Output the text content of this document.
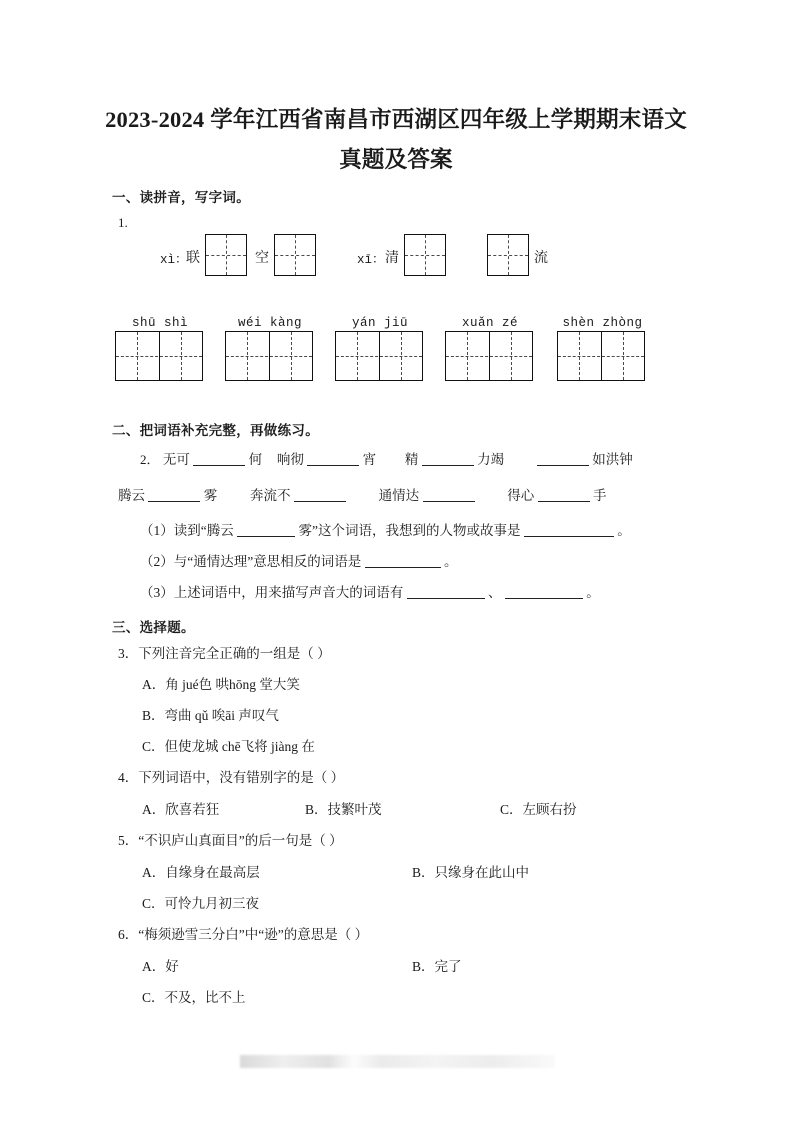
2023-2024 学年江西省南昌市西湖区四年级上学期期末语文
真题及答案
一、读拼音，写字词。
1.
xì：
联	空	xī： 清	流
shū shì	wéi kàng	yán jiū	xuǎn zé	shèn zhòng
二、把词语补充完整，再做练习。
2． 无可	何 响彻	宵 精	力竭	如洪钟
腾云	雾 奔流不	通情达	得心	手
（1）读到“腾云	雾”这个词语，我想到的人物或故事是	。
（2）与“通情达理”意思相反的词语是	。
（3）上述词语中，用来描写声音大的词语有	、	。
三、选择题。
3．下列注音完全正确的一组是（ ）
A．角 jué色 哄hōng 堂大笑
B．弯曲 qǔ 唉āi 声叹气
C．但使龙城 chē飞将 jiàng 在
4．下列词语中，没有错别字的是（ ）
A．欣喜若狂	B．技繁叶茂	C．左顾右扮
5．“不识庐山真面目”的后一句是（ ）
A．自缘身在最高层	B．只缘身在此山中
C．可怜九月初三夜
6．“梅须逊雪三分白”中“逊”的意思是（ ）
A．好	B．完了
C．不及，比不上
